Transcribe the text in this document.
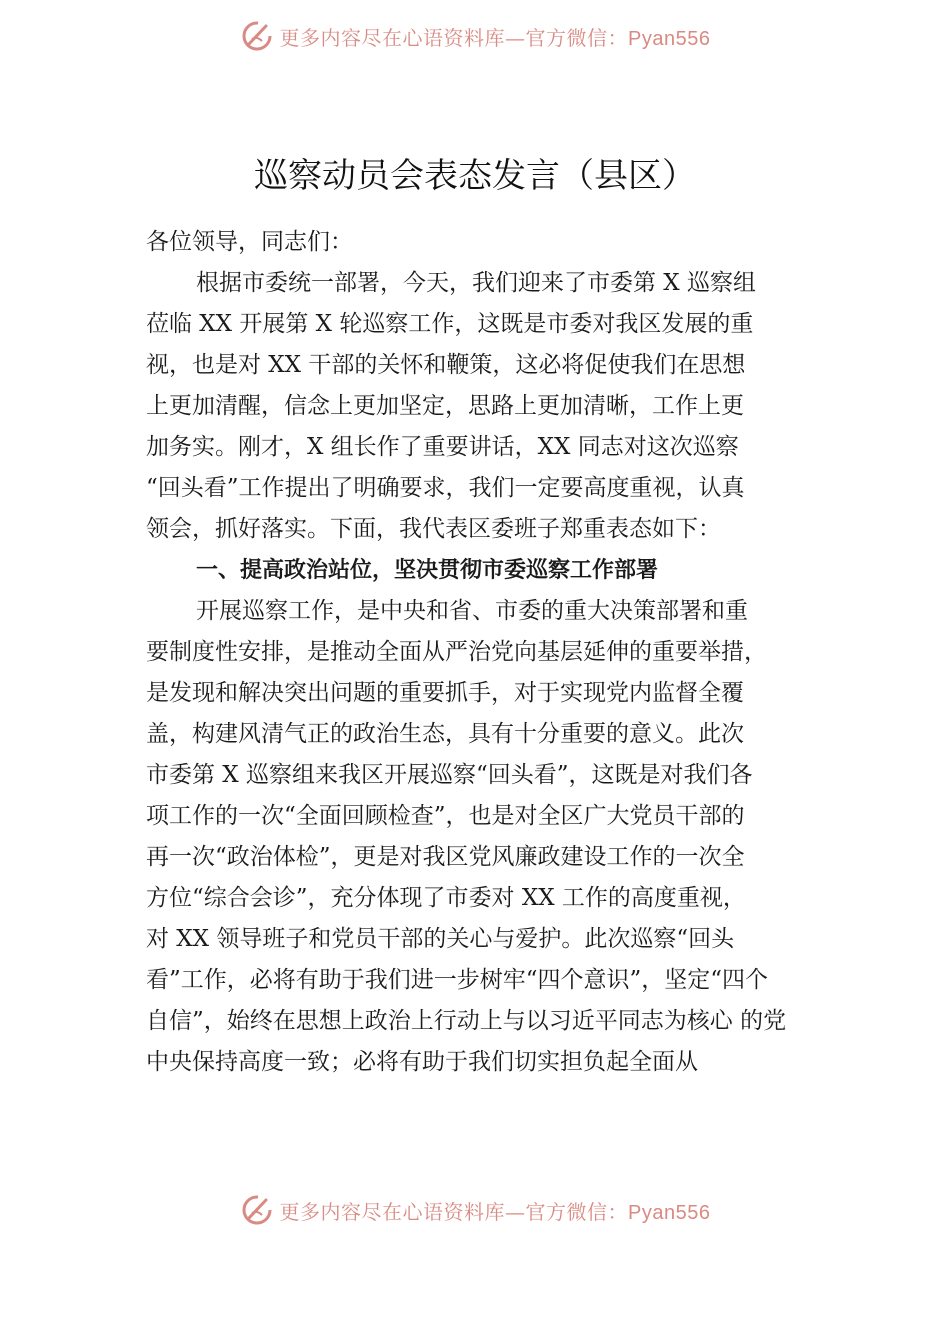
更多内容尽在心语资料库—官方微信：Pyan556
巡察动员会表态发言（县区）

各位领导，同志们：

根据市委统一部署，今天，我们迎来了市委第 X 巡察组

莅临 XX 开展第 X 轮巡察工作，这既是市委对我区发展的重

视，也是对 XX 干部的关怀和鞭策，这必将促使我们在思想

上更加清醒，信念上更加坚定，思路上更加清晰，工作上更

加务实。刚才，X 组长作了重要讲话，XX 同志对这次巡察

“回头看”工作提出了明确要求，我们一定要高度重视，认真

领会，抓好落实。下面，我代表区委班子郑重表态如下：

一、提高政治站位，坚决贯彻市委巡察工作部署

开展巡察工作，是中央和省、市委的重大决策部署和重

要制度性安排，是推动全面从严治党向基层延伸的重要举措，

是发现和解决突出问题的重要抓手，对于实现党内监督全覆

盖，构建风清气正的政治生态，具有十分重要的意义。此次

市委第 X 巡察组来我区开展巡察“回头看”，这既是对我们各

项工作的一次“全面回顾检查”，也是对全区广大党员干部的

再一次“政治体检”，更是对我区党风廉政建设工作的一次全

方位“综合会诊”，充分体现了市委对 XX 工作的高度重视，

对 XX 领导班子和党员干部的关心与爱护。此次巡察“回头

看”工作，必将有助于我们进一步树牢“四个意识”，坚定“四个

自信”，始终在思想上政治上行动上与以习近平同志为核心 的党

中央保持高度一致；必将有助于我们切实担负起全面从

更多内容尽在心语资料库—官方微信：Pyan556
